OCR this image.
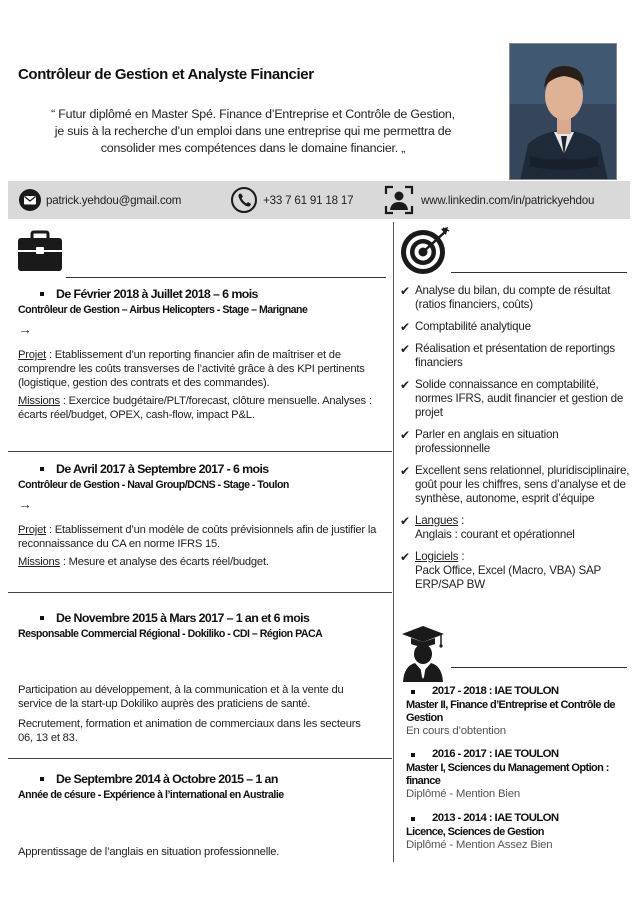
Contrôleur de Gestion et Analyste Financier
“ Futur diplômé en Master Spé. Finance d’Entreprise et Contrôle de Gestion,
je suis à la recherche d’un emploi dans une entreprise qui me permettra de
consolider mes compétences dans le domaine financier. „
patrick.yehdou@gmail.com	+33 7 61 91 18 17	www.linkedin.com/in/patrickyehdou
De Février 2018 à Juillet 2018 – 6 mois
Contrôleur de Gestion – Airbus Helicopters - Stage – Marignane
→
Projet : Etablissement d’un reporting financier afin de maîtriser et de comprendre les coûts transverses de l’activité grâce à des KPI pertinents (logistique, gestion des contrats et des commandes).
Missions : Exercice budgétaire/PLT/forecast, clôture mensuelle. Analyses : écarts réel/budget, OPEX, cash-flow, impact P&L.
De Avril 2017 à Septembre 2017 - 6 mois
Contrôleur de Gestion - Naval Group/DCNS - Stage - Toulon
→
Projet : Etablissement d’un modèle de coûts prévisionnels afin de justifier la reconnaissance du CA en norme IFRS 15.
Missions : Mesure et analyse des écarts réel/budget.
De Novembre 2015 à Mars 2017 – 1 an et 6 mois
Responsable Commercial Régional - Dokiliko - CDI – Région PACA
Participation au développement, à la communication et à la vente du service de la start-up Dokiliko auprès des praticiens de santé.
Recrutement, formation et animation de commerciaux dans les secteurs 06, 13 et 83.
De Septembre 2014 à Octobre 2015 – 1 an
Année de césure - Expérience à l’international en Australie
Apprentissage de l’anglais en situation professionnelle.
✔ Analyse du bilan, du compte de résultat (ratios financiers, coûts)
✔ Comptabilité analytique
✔ Réalisation et présentation de reportings financiers
✔ Solide connaissance en comptabilité, normes IFRS, audit financier et gestion de projet
✔ Parler en anglais en situation professionnelle
✔ Excellent sens relationnel, pluridisciplinaire, goût pour les chiffres, sens d’analyse et de synthèse, autonome, esprit d’équipe
✔ Langues :
Anglais : courant et opérationnel
✔ Logiciels :
Pack Office, Excel (Macro, VBA) SAP ERP/SAP BW
2017 - 2018 : IAE TOULON
Master II, Finance d’Entreprise et Contrôle de Gestion
En cours d’obtention
2016 - 2017 : IAE TOULON
Master I, Sciences du Management Option : finance
Diplômé - Mention Bien
2013 - 2014 : IAE TOULON
Licence, Sciences de Gestion
Diplômé - Mention Assez Bien
